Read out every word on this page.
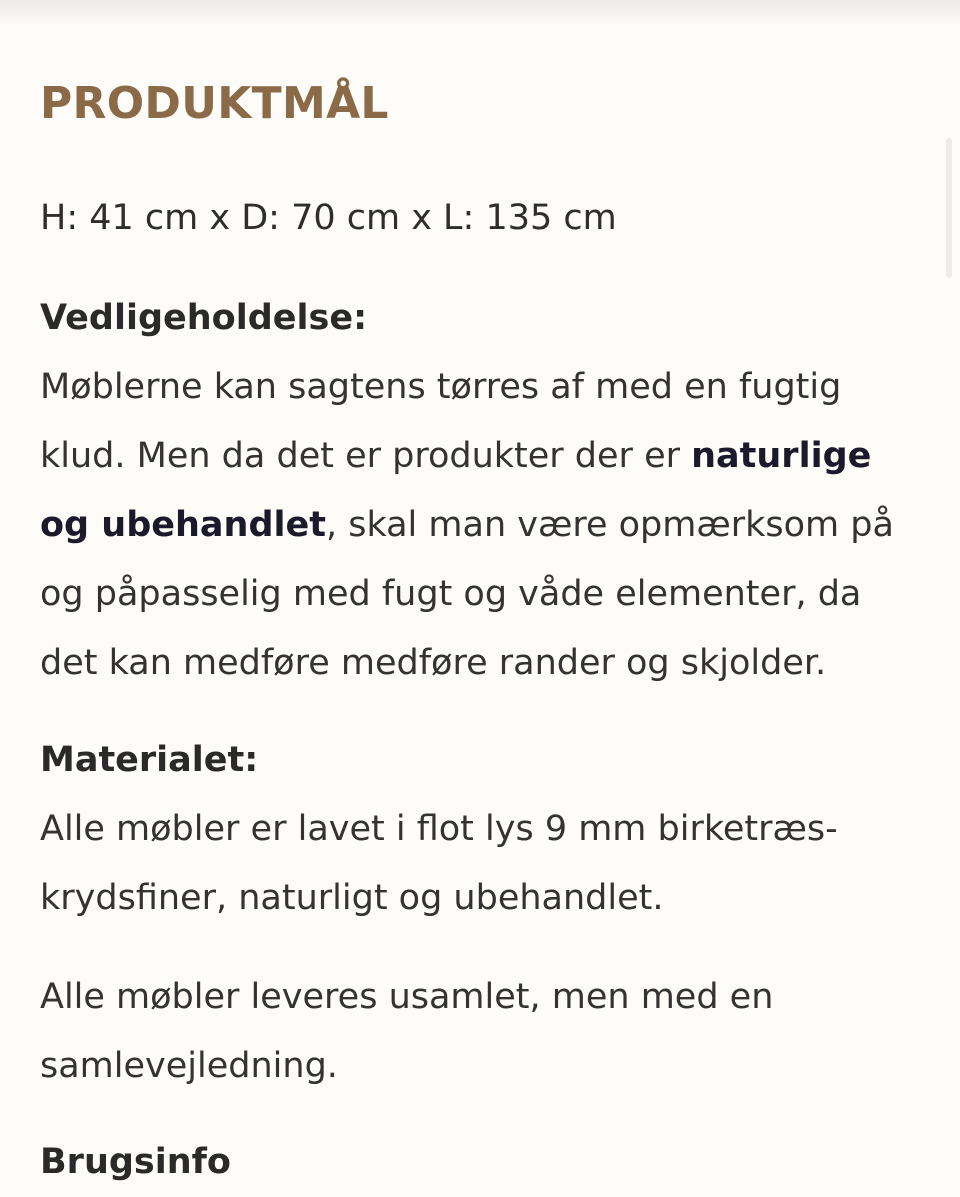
PRODUKTMÅL

H: 41 cm x D: 70 cm x L: 135 cm

Vedligeholdelse:
Møblerne kan sagtens tørres af med en fugtig klud. Men da det er produkter der er naturlige og ubehandlet, skal man være opmærksom på og påpasselig med fugt og våde elementer, da det kan medføre medføre rander og skjolder.

Materialet:
Alle møbler er lavet i flot lys 9 mm birketræs-krydsfiner, naturligt og ubehandlet.

Alle møbler leveres usamlet, men med en samlevejledning.

Brugsinfo
